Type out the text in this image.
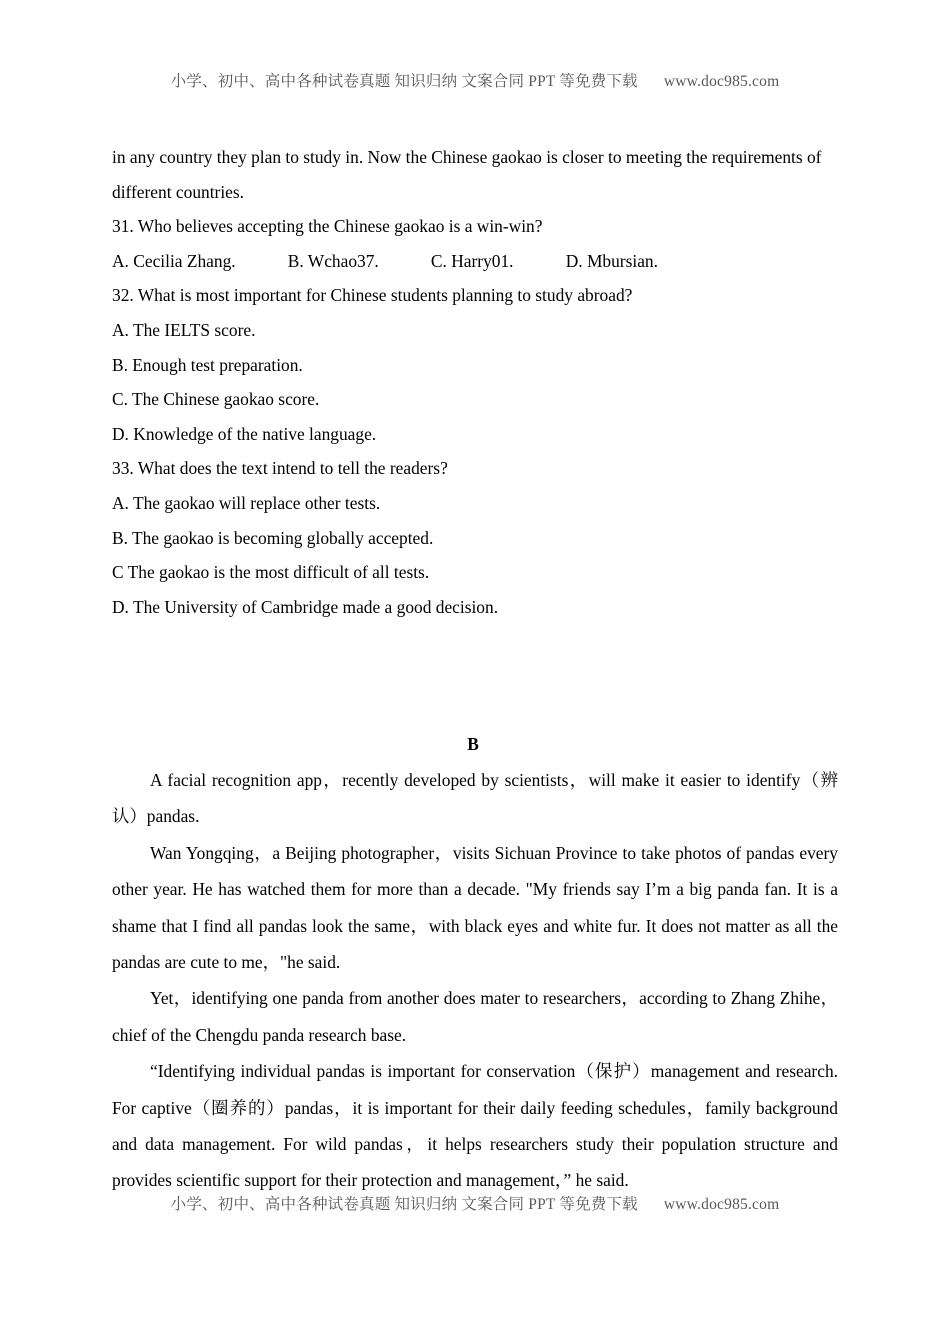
小学、初中、高中各种试卷真题 知识归纳 文案合同 PPT 等免费下载 www.doc985.com

in any country they plan to study in. Now the Chinese gaokao is closer to meeting the requirements of

different countries.

31. Who believes accepting the Chinese gaokao is a win-win?

A. Cecilia Zhang.            B. Wchao37.            C. Harry01.            D. Mbursian.

32. What is most important for Chinese students planning to study abroad?

A. The IELTS score.

B. Enough test preparation.

C. The Chinese gaokao score.

D. Knowledge of the native language.

33. What does the text intend to tell the readers?

A. The gaokao will replace other tests.

B. The gaokao is becoming globally accepted.

C The gaokao is the most difficult of all tests.

D. The University of Cambridge made a good decision.

B

A facial recognition app，recently developed by scientists，will make it easier to identify（辨认）pandas.

Wan Yongqing，a Beijing photographer，visits Sichuan Province to take photos of pandas every other year. He has watched them for more than a decade. "My friends say I’m a big panda fan. It is a shame that I find all pandas look the same，with black eyes and white fur. It does not matter as all the pandas are cute to me，"he said.

Yet，identifying one panda from another does mater to researchers，according to Zhang Zhihe，chief of the Chengdu panda research base.

“Identifying individual pandas is important for conservation（保护）management and research. For captive（圈养的）pandas，it is important for their daily feeding schedules，family background and data management. For wild pandas，it helps researchers study their population structure and provides scientific support for their protection and management，” he said.

小学、初中、高中各种试卷真题 知识归纳 文案合同 PPT 等免费下载 www.doc985.com
